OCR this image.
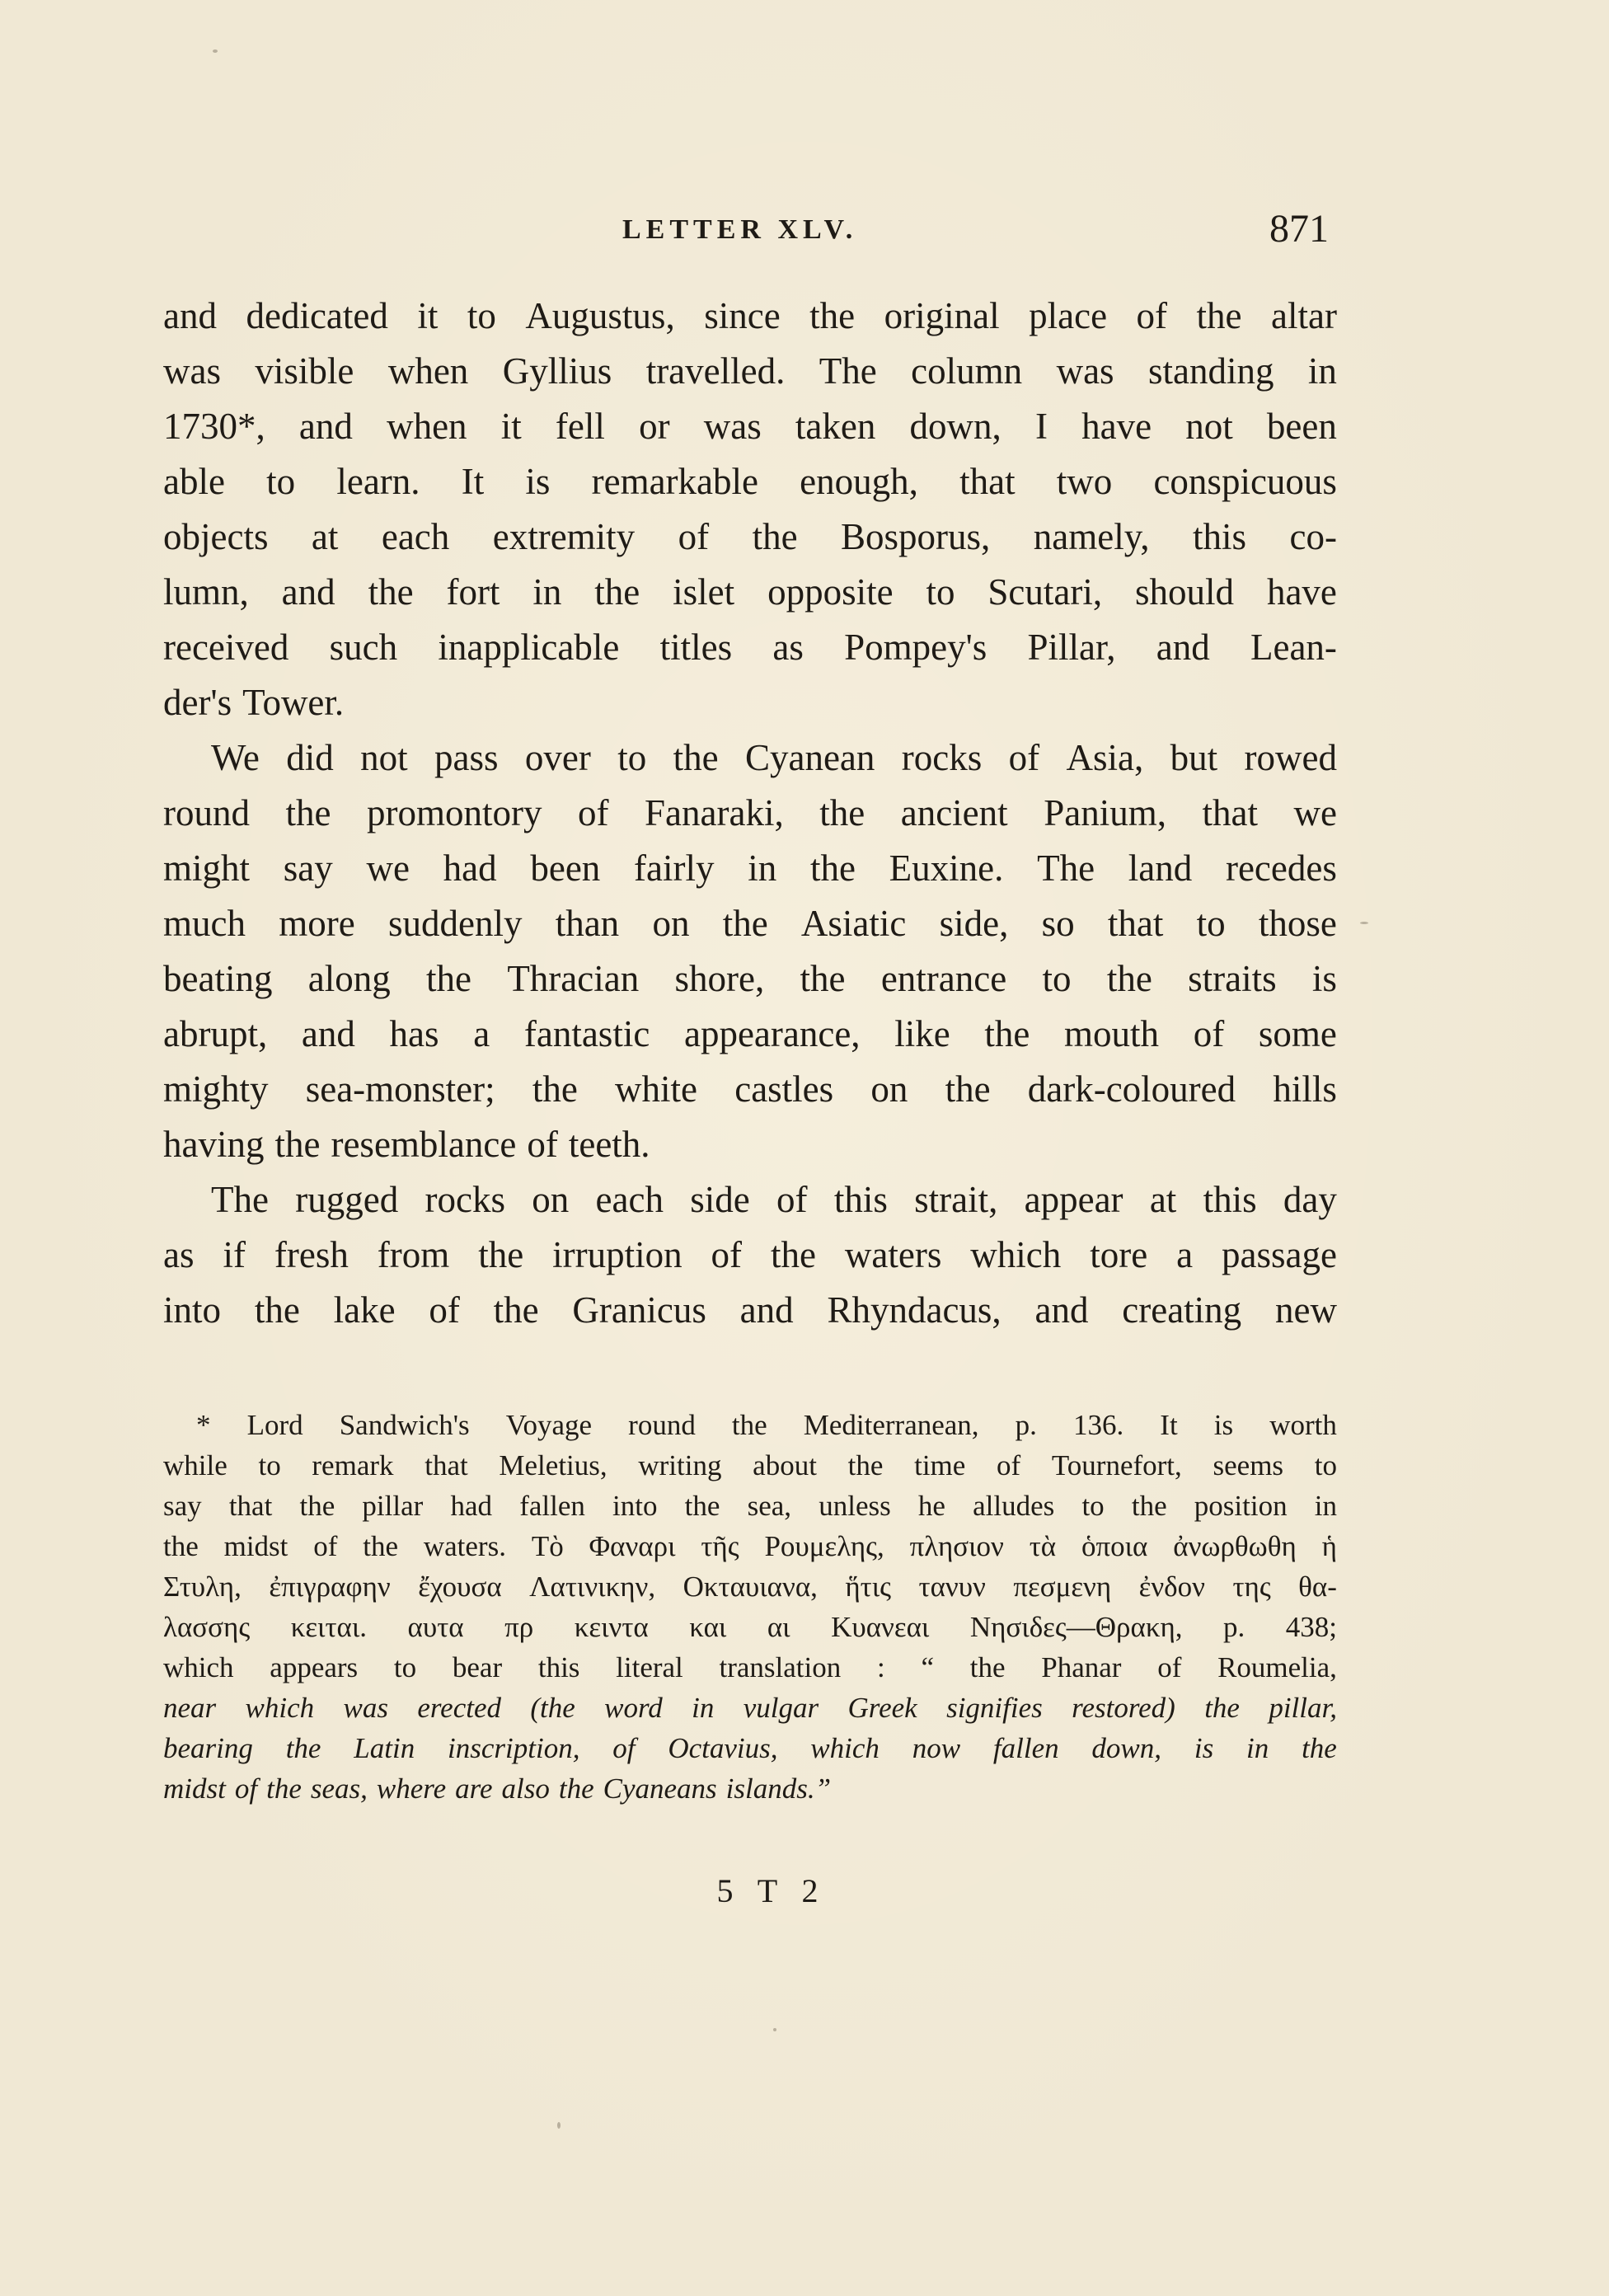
LETTER XLV.	871
and dedicated it to Augustus, since the original place of the altar
was visible when Gyllius travelled. The column was standing in
1730*, and when it fell or was taken down, I have not been
able to learn. It is remarkable enough, that two conspicuous
objects at each extremity of the Bosporus, namely, this co-
lumn, and the fort in the islet opposite to Scutari, should have
received such inapplicable titles as Pompey's Pillar, and Lean-
der's Tower.
We did not pass over to the Cyanean rocks of Asia, but rowed
round the promontory of Fanaraki, the ancient Panium, that we
might say we had been fairly in the Euxine. The land recedes
much more suddenly than on the Asiatic side, so that to those
beating along the Thracian shore, the entrance to the straits is
abrupt, and has a fantastic appearance, like the mouth of some
mighty sea-monster; the white castles on the dark-coloured hills
having the resemblance of teeth.
The rugged rocks on each side of this strait, appear at this day
as if fresh from the irruption of the waters which tore a passage
into the lake of the Granicus and Rhyndacus, and creating new
* Lord Sandwich's Voyage round the Mediterranean, p. 136. It is worth
while to remark that Meletius, writing about the time of Tournefort, seems to
say that the pillar had fallen into the sea, unless he alludes to the position in
the midst of the waters. Τὸ Φαναρι τῆς Ρουμελης, πλησιον τὰ ὁποια ἀνωρθωθη ἡ
Στυλη, ἐπιγραφην ἔχουσα Λατινικην, Οκταυιανα, ἥτις τανυν πεσμενη ἐνδον της θα-
λασσης κειται. αυτα πρ κειντα και αι Κυανεαι Νησιδες—Θρακη, p. 438;
which appears to bear this literal translation : “ the Phanar of Roumelia,
near which was erected (the word in vulgar Greek signifies restored) the pillar,
bearing the Latin inscription, of Octavius, which now fallen down, is in the
midst of the seas, where are also the Cyaneans islands.”
5 T 2
